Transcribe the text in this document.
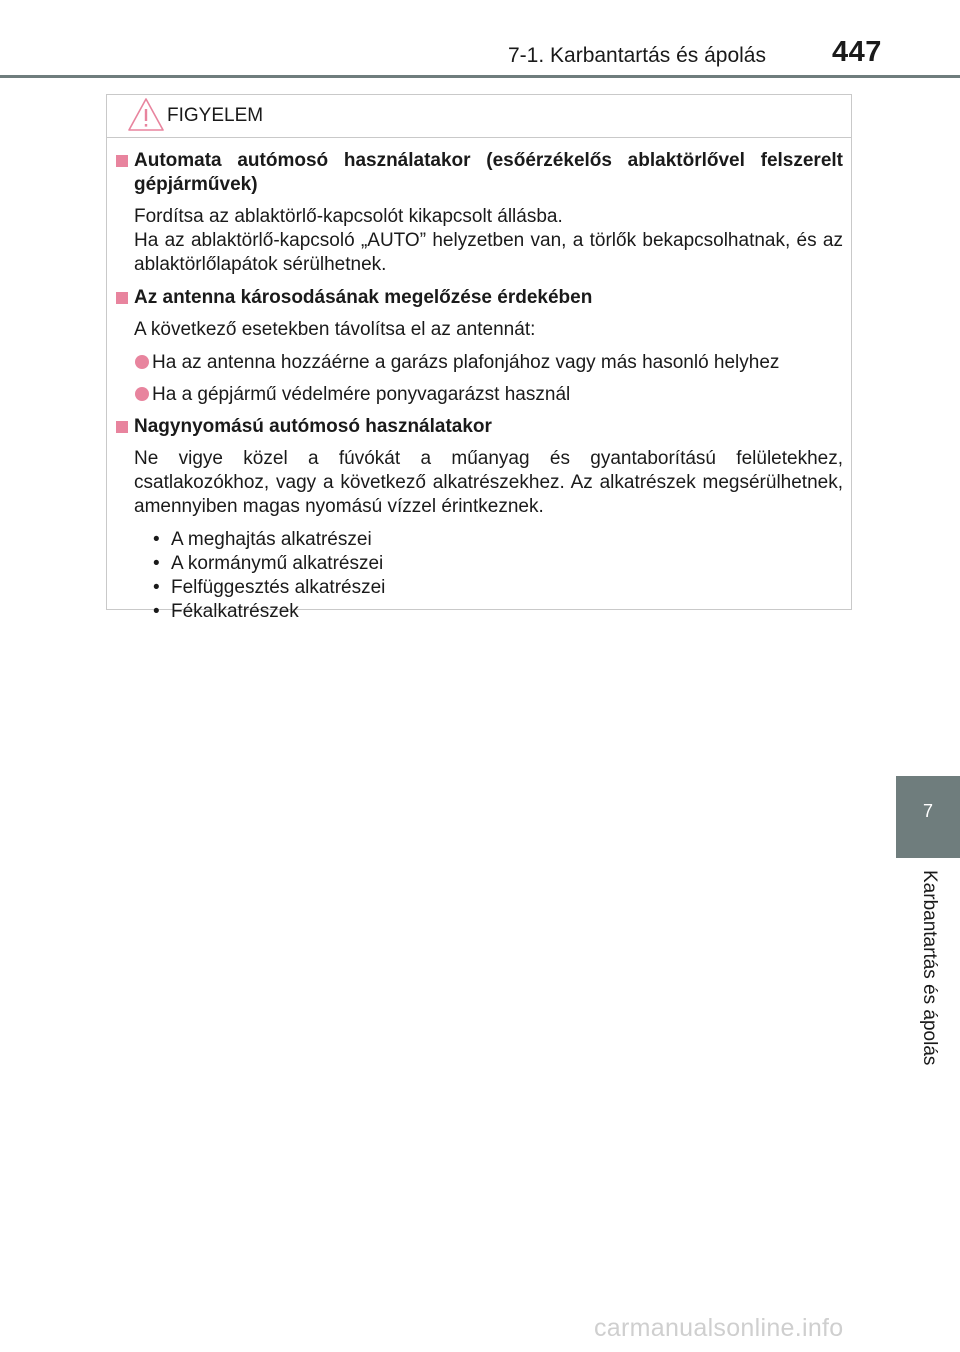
7-1. Karbantartás és ápolás 447
7
Karbantartás és ápolás
FIGYELEM
Automata autómosó használatakor (esőérzékelős ablaktörlővel felszerelt gépjárművek)
Fordítsa az ablaktörlő-kapcsolót kikapcsolt állásba.
Ha az ablaktörlő-kapcsoló „AUTO” helyzetben van, a törlők bekapcsolhatnak, és az ablaktörlőlapátok sérülhetnek.
Az antenna károsodásának megelőzése érdekében
A következő esetekben távolítsa el az antennát:
Ha az antenna hozzáérne a garázs plafonjához vagy más hasonló helyhez
Ha a gépjármű védelmére ponyvagarázst használ
Nagynyomású autómosó használatakor
Ne vigye közel a fúvókát a műanyag és gyantaborítású felületekhez, csatlakozókhoz, vagy a következő alkatrészekhez. Az alkatrészek megsérülhetnek, amennyiben magas nyomású vízzel érintkeznek.
• A meghajtás alkatrészei
• A kormánymű alkatrészei
• Felfüggesztés alkatrészei
• Fékalkatrészek
carmanualsonline.info
